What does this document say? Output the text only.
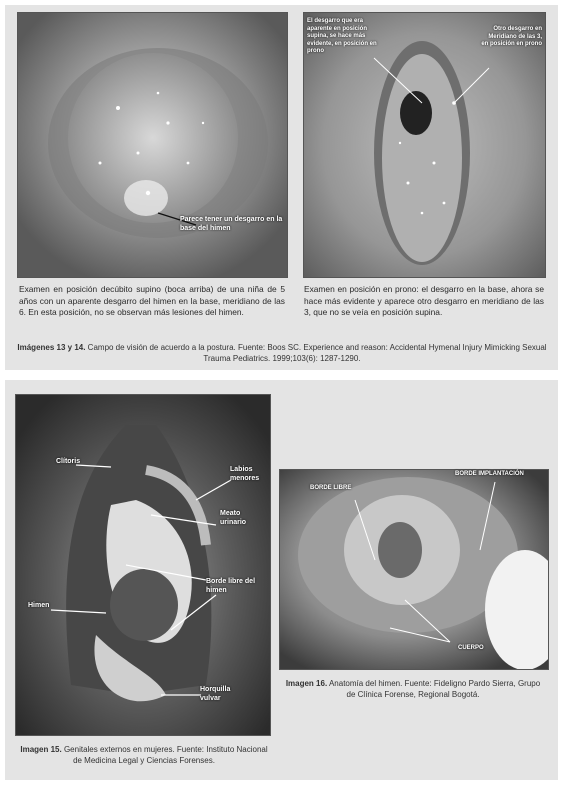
Parece tener un desgarro en la base del himen
El desgarro que era aparente en posición supina, se hace más evidente, en posición en prono
Otro desgarro en Meridiano de las 3, en posición en prono
Examen en posición decúbito supino (boca arriba) de una niña de 5 años con un aparente desgarro del himen en la base, meridiano de las 6. En esta posición, no se observan más lesiones del himen.
Examen en posición en prono: el desgarro en la base, ahora se hace más evidente y aparece otro desgarro en meridiano de las 3, que no se veía en posición supina.
Imágenes 13 y 14. Campo de visión de acuerdo a la postura. Fuente: Boos SC. Experience and reason: Accidental Hymenal Injury Mimicking Sexual Trauma Pediatrics. 1999;103(6): 1287-1290.
Clítoris
Labios menores
Meato urinario
Borde libre del himen
Himen
Horquilla vulvar
BORDE LIBRE
BORDE IMPLANTACIÓN
CUERPO
Imagen 16. Anatomía del himen. Fuente: Fideligno Pardo Sierra, Grupo de Clínica Forense, Regional Bogotá.
Imagen 15. Genitales externos en mujeres. Fuente: Instituto Nacional de Medicina Legal y Ciencias Forenses.
